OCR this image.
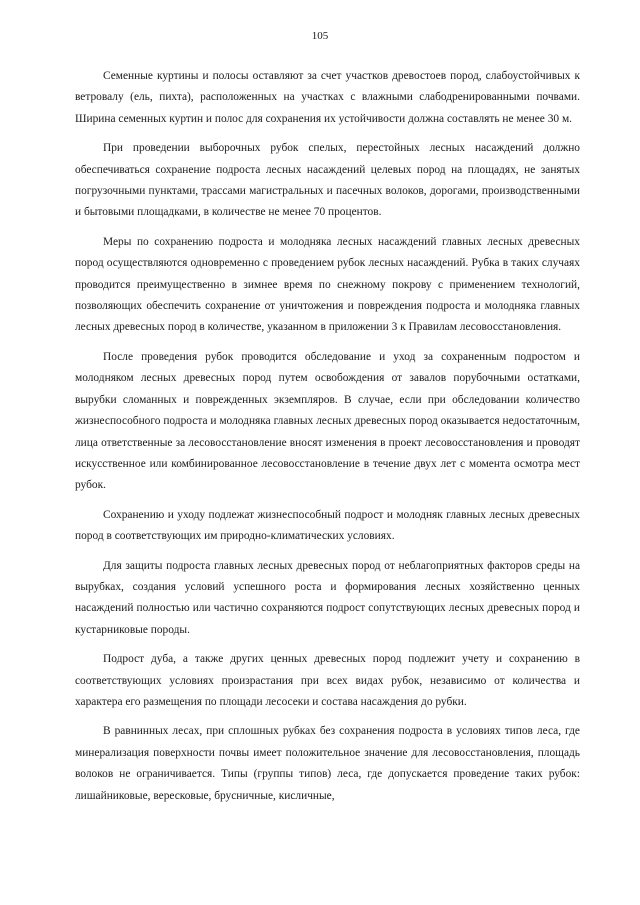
105

Семенные куртины и полосы оставляют за счет участков древостоев пород, слабоустойчивых к ветровалу (ель, пихта), расположенных на участках с влажными слабодренированными почвами. Ширина семенных куртин и полос для сохранения их устойчивости должна составлять не менее 30 м.

При проведении выборочных рубок спелых, перестойных лесных насаждений должно обеспечиваться сохранение подроста лесных насаждений целевых пород на площадях, не занятых погрузочными пунктами, трассами магистральных и пасечных волоков, дорогами, производственными и бытовыми площадками, в количестве не менее 70 процентов.

Меры по сохранению подроста и молодняка лесных насаждений главных лесных древесных пород осуществляются одновременно с проведением рубок лесных насаждений. Рубка в таких случаях проводится преимущественно в зимнее время по снежному покрову с применением технологий, позволяющих обеспечить сохранение от уничтожения и повреждения подроста и молодняка главных лесных древесных пород в количестве, указанном в приложении 3 к Правилам лесовосстановления.

После проведения рубок проводится обследование и уход за сохраненным подростом и молодняком лесных древесных пород путем освобождения от завалов порубочными остатками, вырубки сломанных и поврежденных экземпляров. В случае, если при обследовании количество жизнеспособного подроста и молодняка главных лесных древесных пород оказывается недостаточным, лица ответственные за лесовосстановление вносят изменения в проект лесовосстановления и проводят искусственное или комбинированное лесовосстановление в течение двух лет с момента осмотра мест рубок.

Сохранению и уходу подлежат жизнеспособный подрост и молодняк главных лесных древесных пород в соответствующих им природно-климатических условиях.

Для защиты подроста главных лесных древесных пород от неблагоприятных факторов среды на вырубках, создания условий успешного роста и формирования лесных хозяйственно ценных насаждений полностью или частично сохраняются подрост сопутствующих лесных древесных пород и кустарниковые породы.

Подрост дуба, а также других ценных древесных пород подлежит учету и сохранению в соответствующих условиях произрастания при всех видах рубок, независимо от количества и характера его размещения по площади лесосеки и состава насаждения до рубки.

В равнинных лесах, при сплошных рубках без сохранения подроста в условиях типов леса, где минерализация поверхности почвы имеет положительное значение для лесовосстановления, площадь волоков не ограничивается. Типы (группы типов) леса, где допускается проведение таких рубок: лишайниковые, вересковые, брусничные, кисличные,
